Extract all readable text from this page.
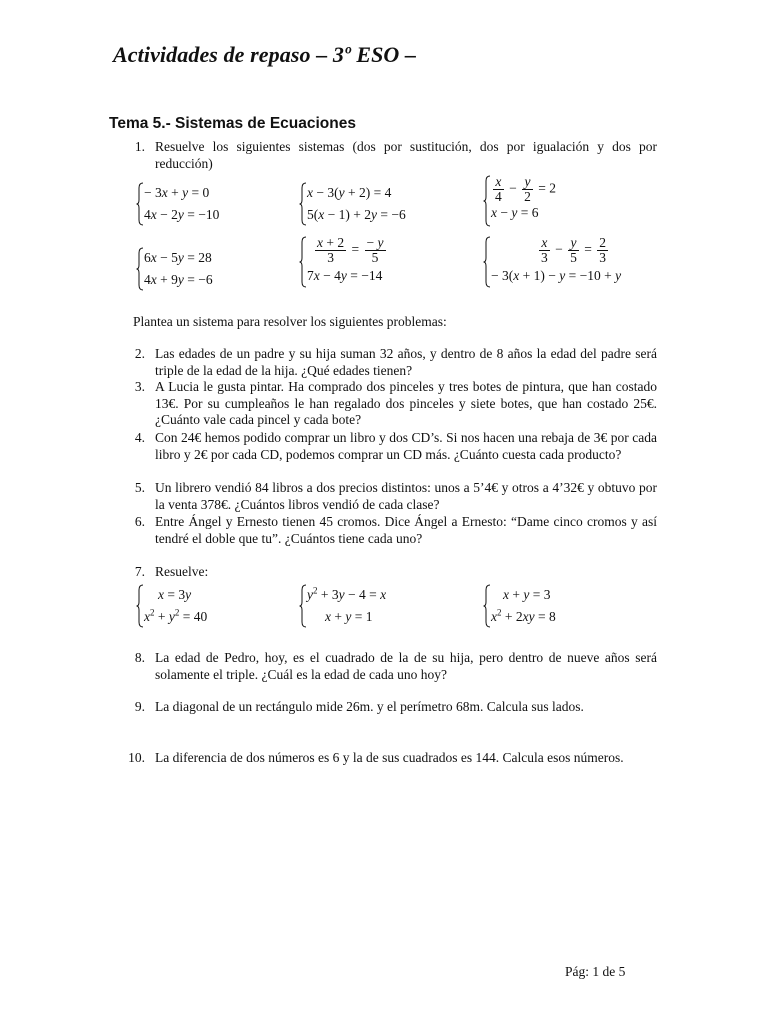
Actividades de repaso – 3º ESO –
Tema 5.- Sistemas de Ecuaciones
1. Resuelve los siguientes sistemas (dos por sustitución, dos por igualación y dos por reducción)
− 3x + y = 0
4x − 2y = −10
x − 3(y + 2) = 4
5(x − 1) + 2y = −6
$\frac{x}{4} - \frac{y}{2} = 2$
x − y = 6
6x − 5y = 28
4x + 9y = −6
$\frac{x + 2}{3} = \frac{- y}{5}$
7x − 4y = −14
$\frac{x}{3} - \frac{y}{5} = \frac{2}{3}$
− 3(x + 1) − y = −10 + y
Plantea un sistema para resolver los siguientes problemas:
2. Las edades de un padre y su hija suman 32 años, y dentro de 8 años la edad del padre será triple de la edad de la hija. ¿Qué edades tienen?
3. A Lucia le gusta pintar. Ha comprado dos pinceles y tres botes de pintura, que han costado 13€. Por su cumpleaños le han regalado dos pinceles y siete botes, que han costado 25€. ¿Cuánto vale cada pincel y cada bote?
4. Con 24€ hemos podido comprar un libro y dos CD’s. Si nos hacen una rebaja de 3€ por cada libro y 2€ por cada CD, podemos comprar un CD más. ¿Cuánto cuesta cada producto?
5. Un librero vendió 84 libros a dos precios distintos: unos a 5’4€ y otros a 4’32€ y obtuvo por la venta 378€. ¿Cuántos libros vendió de cada clase?
6. Entre Ángel y Ernesto tienen 45 cromos. Dice Ángel a Ernesto: “Dame cinco cromos y así tendré el doble que tu”. ¿Cuántos tiene cada uno?
7. Resuelve:
x = 3y
$x^2 + y^2 = 40$
$y^2 + 3y - 4 = x$
x + y = 1
x + y = 3
$x^2 + 2xy = 8$
8. La edad de Pedro, hoy, es el cuadrado de la de su hija, pero dentro de nueve años será solamente el triple. ¿Cuál es la edad de cada uno hoy?
9. La diagonal de un rectángulo mide 26m. y el perímetro 68m. Calcula sus lados.
10. La diferencia de dos números es 6 y la de sus cuadrados es 144. Calcula esos números.
Pág: 1 de 5
